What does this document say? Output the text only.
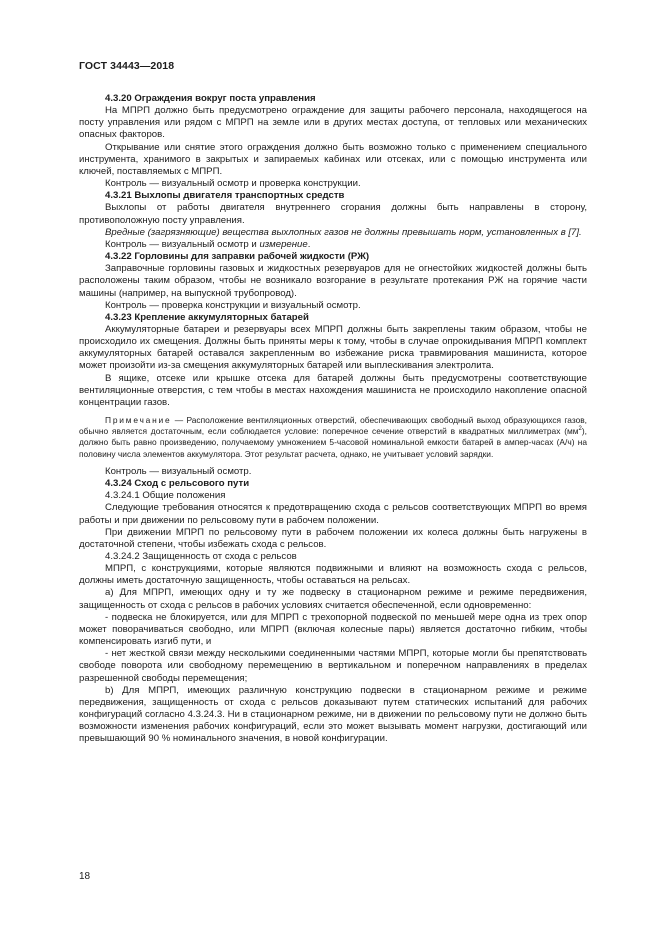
ГОСТ 34443—2018
4.3.20 Ограждения вокруг поста управления

На МПРП должно быть предусмотрено ограждение для защиты рабочего персонала, находящегося на посту управления или рядом с МПРП на земле или в других местах доступа, от тепловых или механических опасных факторов.

Открывание или снятие этого ограждения должно быть возможно только с применением специального инструмента, хранимого в закрытых и запираемых кабинах или отсеках, или с помощью инструмента или ключей, поставляемых с МПРП.

Контроль — визуальный осмотр и проверка конструкции.

4.3.21 Выхлопы двигателя транспортных средств

Выхлопы от работы двигателя внутреннего сгорания должны быть направлены в сторону, противоположную посту управления.

Вредные (загрязняющие) вещества выхлопных газов не должны превышать норм, установленных в [7].

Контроль — визуальный осмотр и измерение.

4.3.22 Горловины для заправки рабочей жидкости (РЖ)

Заправочные горловины газовых и жидкостных резервуаров для не огнестойких жидкостей должны быть расположены таким образом, чтобы не возникало возгорание в результате протекания РЖ на горячие части машины (например, на выпускной трубопровод).

Контроль — проверка конструкции и визуальный осмотр.

4.3.23 Крепление аккумуляторных батарей

Аккумуляторные батареи и резервуары всех МПРП должны быть закреплены таким образом, чтобы не происходило их смещения. Должны быть приняты меры к тому, чтобы в случае опрокидывания МПРП комплект аккумуляторных батарей оставался закрепленным во избежание риска травмирования машиниста, которое может произойти из-за смещения аккумуляторных батарей или выплескивания электролита.

В ящике, отсеке или крышке отсека для батарей должны быть предусмотрены соответствующие вентиляционные отверстия, с тем чтобы в местах нахождения машиниста не происходило накопление опасной концентрации газов.

Примечание — Расположение вентиляционных отверстий, обеспечивающих свободный выход образующихся газов, обычно является достаточным, если соблюдается условие: поперечное сечение отверстий в квадратных миллиметрах $(мм^2)$, должно быть равно произведению, получаемому умножением 5-часовой номинальной емкости батарей в ампер-часах (А/ч) на половину числа элементов аккумулятора. Этот результат расчета, однако, не учитывает условий зарядки.

Контроль — визуальный осмотр.

4.3.24 Сход с рельсового пути
4.3.24.1 Общие положения

Следующие требования относятся к предотвращению схода с рельсов соответствующих МПРП во время работы и при движении по рельсовому пути в рабочем положении.

При движении МПРП по рельсовому пути в рабочем положении их колеса должны быть нагружены в достаточной степени, чтобы избежать схода с рельсов.

4.3.24.2 Защищенность от схода с рельсов

МПРП, с конструкциями, которые являются подвижными и влияют на возможность схода с рельсов, должны иметь достаточную защищенность, чтобы оставаться на рельсах.

a) Для МПРП, имеющих одну и ту же подвеску в стационарном режиме и режиме передвижения, защищенность от схода с рельсов в рабочих условиях считается обеспеченной, если одновременно:

- подвеска не блокируется, или для МПРП с трехопорной подвеской по меньшей мере одна из трех опор может поворачиваться свободно, или МПРП (включая колесные пары) является достаточно гибким, чтобы компенсировать изгиб пути, и

- нет жесткой связи между несколькими соединенными частями МПРП, которые могли бы препятствовать свободе поворота или свободному перемещению в вертикальном и поперечном направлениях в пределах разрешенной свободы перемещения;

b) Для МПРП, имеющих различную конструкцию подвески в стационарном режиме и режиме передвижения, защищенность от схода с рельсов доказывают путем статических испытаний для рабочих конфигураций согласно 4.3.24.3. Ни в стационарном режиме, ни в движении по рельсовому пути не должно быть возможности изменения рабочих конфигураций, если это может вызывать момент нагрузки, достигающий или превышающий 90 % номинального значения, в новой конфигурации.

18
